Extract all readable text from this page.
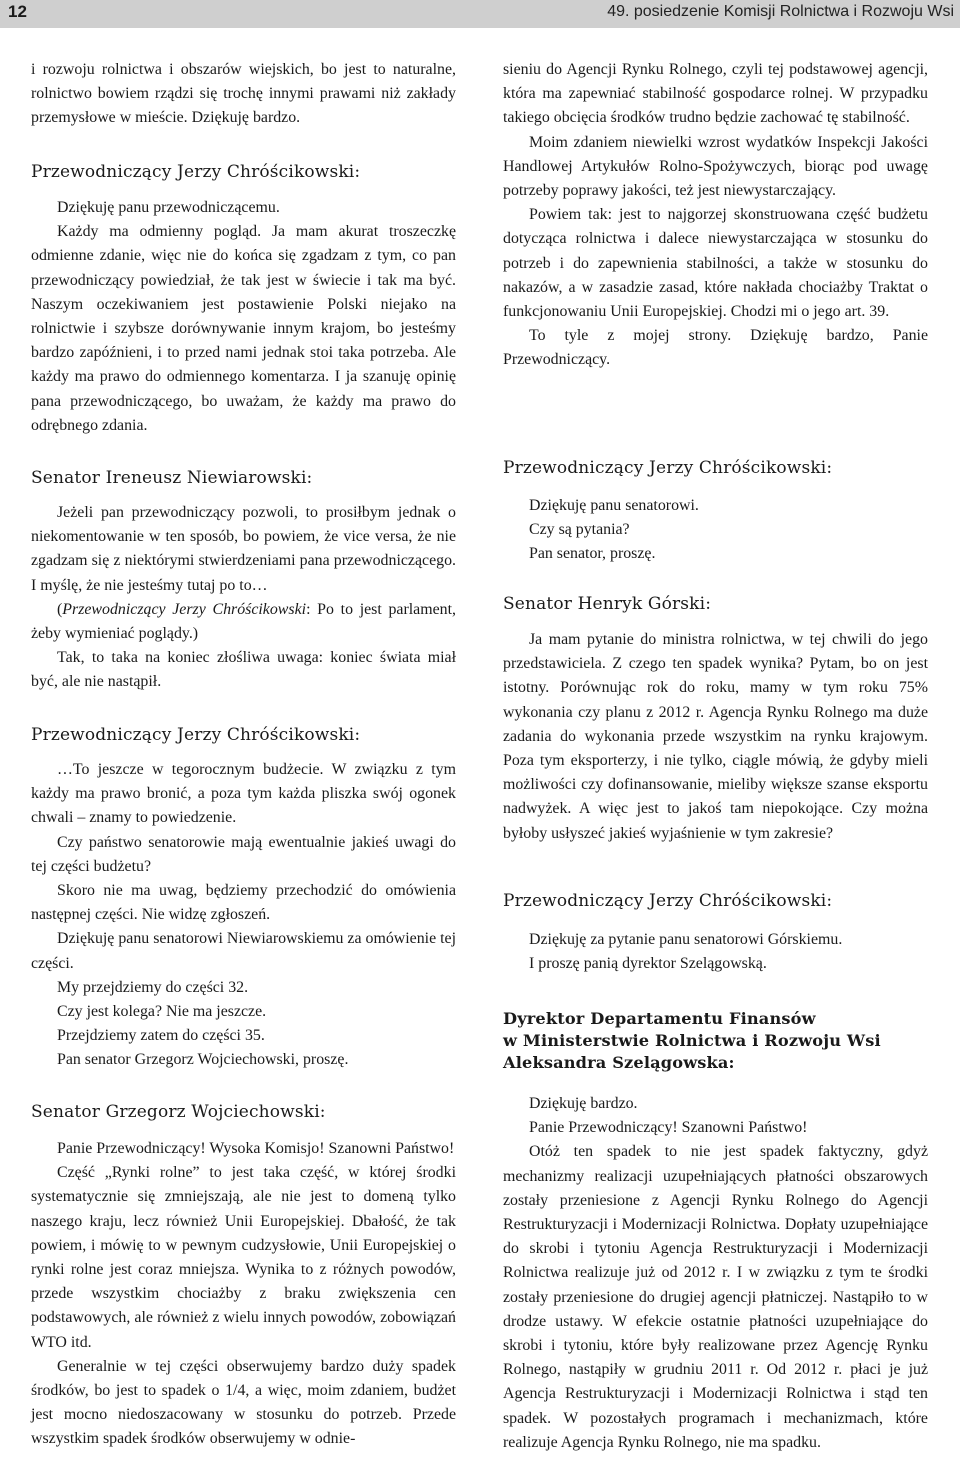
12	49. posiedzenie Komisji Rolnictwa i Rozwoju Wsi

i rozwoju rolnictwa i obszarów wiejskich, bo jest to naturalne, rolnictwo bowiem rządzi się trochę innymi prawami niż zakłady przemysłowe w mieście. Dziękuję bardzo.

Przewodniczący Jerzy Chróścikowski:

Dziękuję panu przewodniczącemu.

Każdy ma odmienny pogląd. Ja mam akurat troszeczkę odmienne zdanie, więc nie do końca się zgadzam z tym, co pan przewodniczący powiedział, że tak jest w świecie i tak ma być. Naszym oczekiwaniem jest postawienie Polski niejako na rolnictwie i szybsze dorównywanie innym krajom, bo jesteśmy bardzo zapóźnieni, i to przed nami jednak stoi taka potrzeba. Ale każdy ma prawo do odmiennego komentarza. I ja szanuję opinię pana przewodniczącego, bo uważam, że każdy ma prawo do odrębnego zdania.

Senator Ireneusz Niewiarowski:

Jeżeli pan przewodniczący pozwoli, to prosiłbym jednak o niekomentowanie w ten sposób, bo powiem, że vice versa, że nie zgadzam się z niektórymi stwierdzeniami pana przewodniczącego. I myślę, że nie jesteśmy tutaj po to…

(Przewodniczący Jerzy Chróścikowski: Po to jest parlament, żeby wymieniać poglądy.)

Tak, to taka na koniec złośliwa uwaga: koniec świata miał być, ale nie nastąpił.

Przewodniczący Jerzy Chróścikowski:

…To jeszcze w tegorocznym budżecie. W związku z tym każdy ma prawo bronić, a poza tym każda pliszka swój ogonek chwali – znamy to powiedzenie.

Czy państwo senatorowie mają ewentualnie jakieś uwagi do tej części budżetu?

Skoro nie ma uwag, będziemy przechodzić do omówienia następnej części. Nie widzę zgłoszeń.

Dziękuję panu senatorowi Niewiarowskiemu za omówienie tej części.

My przejdziemy do części 32.

Czy jest kolega? Nie ma jeszcze.

Przejdziemy zatem do części 35.

Pan senator Grzegorz Wojciechowski, proszę.

Senator Grzegorz Wojciechowski:

Panie Przewodniczący! Wysoka Komisjo! Szanowni Państwo!

Część „Rynki rolne” to jest taka część, w której środki systematycznie się zmniejszają, ale nie jest to domeną tylko naszego kraju, lecz również Unii Europejskiej. Dbałość, że tak powiem, i mówię to w pewnym cudzysłowie, Unii Europejskiej o rynki rolne jest coraz mniejsza. Wynika to z różnych powodów, przede wszystkim chociażby z braku zwiększenia cen podstawowych, ale również z wielu innych powodów, zobowiązań WTO itd.

Generalnie w tej części obserwujemy bardzo duży spadek środków, bo jest to spadek o 1/4, a więc, moim zdaniem, budżet jest mocno niedoszacowany w stosunku do potrzeb. Przede wszystkim spadek środków obserwujemy w odnie-

sieniu do Agencji Rynku Rolnego, czyli tej podstawowej agencji, która ma zapewniać stabilność gospodarce rolnej. W przypadku takiego obcięcia środków trudno będzie zachować tę stabilność.

Moim zdaniem niewielki wzrost wydatków Inspekcji Jakości Handlowej Artykułów Rolno-Spożywczych, biorąc pod uwagę potrzeby poprawy jakości, też jest niewystarczający.

Powiem tak: jest to najgorzej skonstruowana część budżetu dotycząca rolnictwa i dalece niewystarczająca w stosunku do potrzeb i do zapewnienia stabilności, a także w stosunku do nakazów, a w zasadzie zasad, które nakłada chociażby Traktat o funkcjonowaniu Unii Europejskiej. Chodzi mi o jego art. 39.

To tyle z mojej strony. Dziękuję bardzo, Panie Przewodniczący.

Przewodniczący Jerzy Chróścikowski:

Dziękuję panu senatorowi.

Czy są pytania?

Pan senator, proszę.

Senator Henryk Górski:

Ja mam pytanie do ministra rolnictwa, w tej chwili do jego przedstawiciela. Z czego ten spadek wynika? Pytam, bo on jest istotny. Porównując rok do roku, mamy w tym roku 75% wykonania czy planu z 2012 r. Agencja Rynku Rolnego ma duże zadania do wykonania przede wszystkim na rynku krajowym. Poza tym eksporterzy, i nie tylko, ciągle mówią, że gdyby mieli możliwości czy dofinansowanie, mieliby większe szanse eksportu nadwyżek. A więc jest to jakoś tam niepokojące. Czy można byłoby usłyszeć jakieś wyjaśnienie w tym zakresie?

Przewodniczący Jerzy Chróścikowski:

Dziękuję za pytanie panu senatorowi Górskiemu.

I proszę panią dyrektor Szelągowską.

Dyrektor Departamentu Finansów
w Ministerstwie Rolnictwa i Rozwoju Wsi
Aleksandra Szelągowska:

Dziękuję bardzo.

Panie Przewodniczący! Szanowni Państwo!

Otóż ten spadek to nie jest spadek faktyczny, gdyż mechanizmy realizacji uzupełniających płatności obszarowych zostały przeniesione z Agencji Rynku Rolnego do Agencji Restrukturyzacji i Modernizacji Rolnictwa. Dopłaty uzupełniające do skrobi i tytoniu Agencja Restrukturyzacji i Modernizacji Rolnictwa realizuje już od 2012 r. I w związku z tym te środki zostały przeniesione do drugiej agencji płatniczej. Nastąpiło to w drodze ustawy. W efekcie ostatnie płatności uzupełniające do skrobi i tytoniu, które były realizowane przez Agencję Rynku Rolnego, nastąpiły w grudniu 2011 r. Od 2012 r. płaci je już Agencja Restrukturyzacji i Modernizacji Rolnictwa i stąd ten spadek. W pozostałych programach i mechanizmach, które realizuje Agencja Rynku Rolnego, nie ma spadku.
